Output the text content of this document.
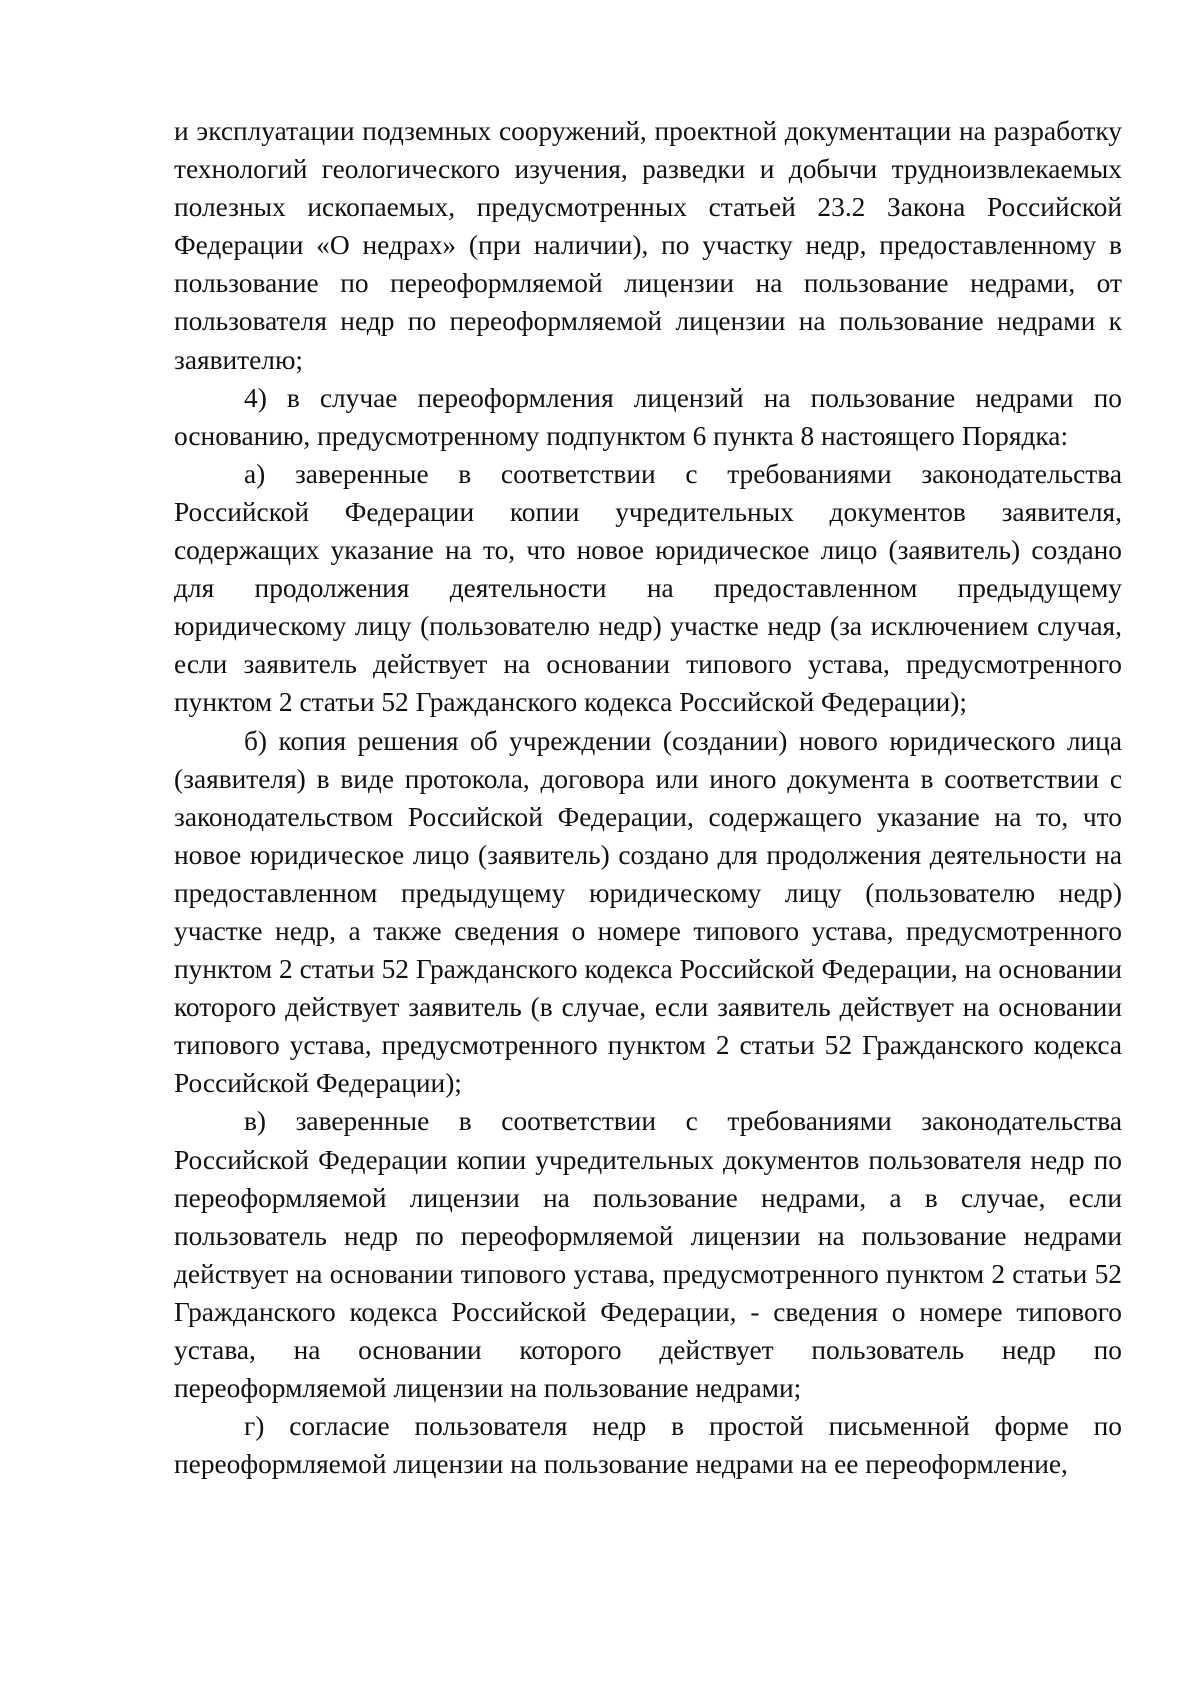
и эксплуатации подземных сооружений, проектной документации на разработку технологий геологического изучения, разведки и добычи трудноизвлекаемых полезных ископаемых, предусмотренных статьей 23.2 Закона Российской Федерации «О недрах» (при наличии), по участку недр, предоставленному в пользование по переоформляемой лицензии на пользование недрами, от пользователя недр по переоформляемой лицензии на пользование недрами к заявителю;

4) в случае переоформления лицензий на пользование недрами по основанию, предусмотренному подпунктом 6 пункта 8 настоящего Порядка:

а) заверенные в соответствии с требованиями законодательства Российской Федерации копии учредительных документов заявителя, содержащих указание на то, что новое юридическое лицо (заявитель) создано для продолжения деятельности на предоставленном предыдущему юридическому лицу (пользователю недр) участке недр (за исключением случая, если заявитель действует на основании типового устава, предусмотренного пунктом 2 статьи 52 Гражданского кодекса Российской Федерации);

б) копия решения об учреждении (создании) нового юридического лица (заявителя) в виде протокола, договора или иного документа в соответствии с законодательством Российской Федерации, содержащего указание на то, что новое юридическое лицо (заявитель) создано для продолжения деятельности на предоставленном предыдущему юридическому лицу (пользователю недр) участке недр, а также сведения о номере типового устава, предусмотренного пунктом 2 статьи 52 Гражданского кодекса Российской Федерации, на основании которого действует заявитель (в случае, если заявитель действует на основании типового устава, предусмотренного пунктом 2 статьи 52 Гражданского кодекса Российской Федерации);

в) заверенные в соответствии с требованиями законодательства Российской Федерации копии учредительных документов пользователя недр по переоформляемой лицензии на пользование недрами, а в случае, если пользователь недр по переоформляемой лицензии на пользование недрами действует на основании типового устава, предусмотренного пунктом 2 статьи 52 Гражданского кодекса Российской Федерации, - сведения о номере типового устава, на основании которого действует пользователь недр по переоформляемой лицензии на пользование недрами;

г) согласие пользователя недр в простой письменной форме по переоформляемой лицензии на пользование недрами на ее переоформление,
